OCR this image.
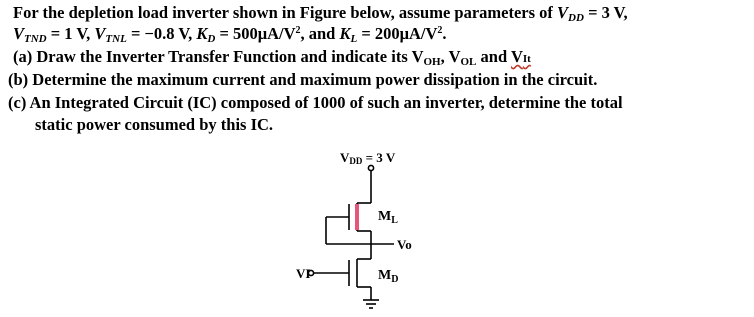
For the depletion load inverter shown in Figure below, assume parameters of VDD = 3 V,
VTND = 1 V, VTNL = −0.8 V, KD = $500\mu A/V^2$, and KL = $200\mu A/V^2$.
(a) Draw the Inverter Transfer Function and indicate its VOH, VOL and VIt
(b) Determine the maximum current and maximum power dissipation in the circuit.
(c) An Integrated Circuit (IC) composed of 1000 of such an inverter, determine the total
static power consumed by this IC.
VDD = 3 V
$M_L$
Vo
VI	$M_D$
